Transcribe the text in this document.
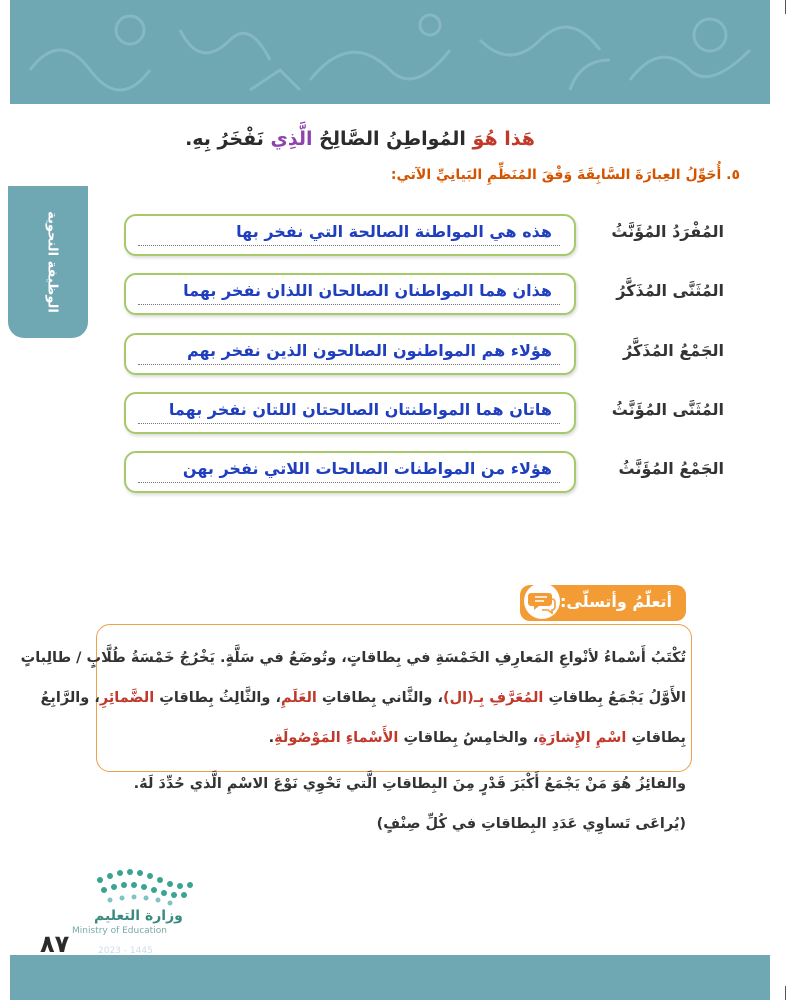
هَذا هُوَ المُواطِنُ الصَّالِحُ الَّذِي نَفْخَرُ بِهِ.
٥. أُحَوِّلُ العِبارَةَ السَّابِقَةَ وَفْقَ المُنَظِّمِ البَيانِيِّ الآتي:
الوظيفة النحوية	المُفْرَدُ المُؤَنَّثُ
هذه هي المواطنة الصالحة التي نفخر بها
المُثَنَّى المُذَكَّرُ
هذان هما المواطنان الصالحان اللذان نفخر بهما
الجَمْعُ المُذَكَّرُ
هؤلاء هم المواطنون الصالحون الذين نفخر بهم
المُثَنَّى المُؤَنَّثُ
هاتان هما المواطنتان الصالحتان اللتان نفخر بهما
الجَمْعُ المُؤَنَّثُ
هؤلاء من المواطنات الصالحات اللاتي نفخر بهن
أتعلّمُ وأتسلّى:
تُكْتَبُ أَسْماءُ لأنْواعِ المَعارِفِ الخَمْسَةِ في بِطاقاتٍ، وتُوضَعُ في سَلَّةٍ. يَخْرُجُ خَمْسَةُ طُلَّابٍ / طالِباتٍ
الأَوَّلُ يَجْمَعُ بِطاقاتِ المُعَرَّفِ بِـ(ال)، والثَّاني بِطاقاتِ العَلَمِ، والثَّالِثُ بِطاقاتِ الضَّمائِرِ، والرَّابِعُ
بِطاقاتِ اسْمِ الإِشارَةِ، والخامِسُ بِطاقاتِ الأَسْماءِ المَوْصُولَةِ.
والفائِزُ هُوَ مَنْ يَجْمَعُ أَكْبَرَ قَدْرٍ مِنَ البِطاقاتِ الَّتي تَحْوِي نَوْعَ الاسْمِ الَّذي حُدِّدَ لَهُ.
(يُراعَى تَساوِي عَدَدِ البِطاقاتِ في كُلِّ صِنْفٍ)
وزارة التعليم
Ministry of Education
٨٧	2023 - 1445
